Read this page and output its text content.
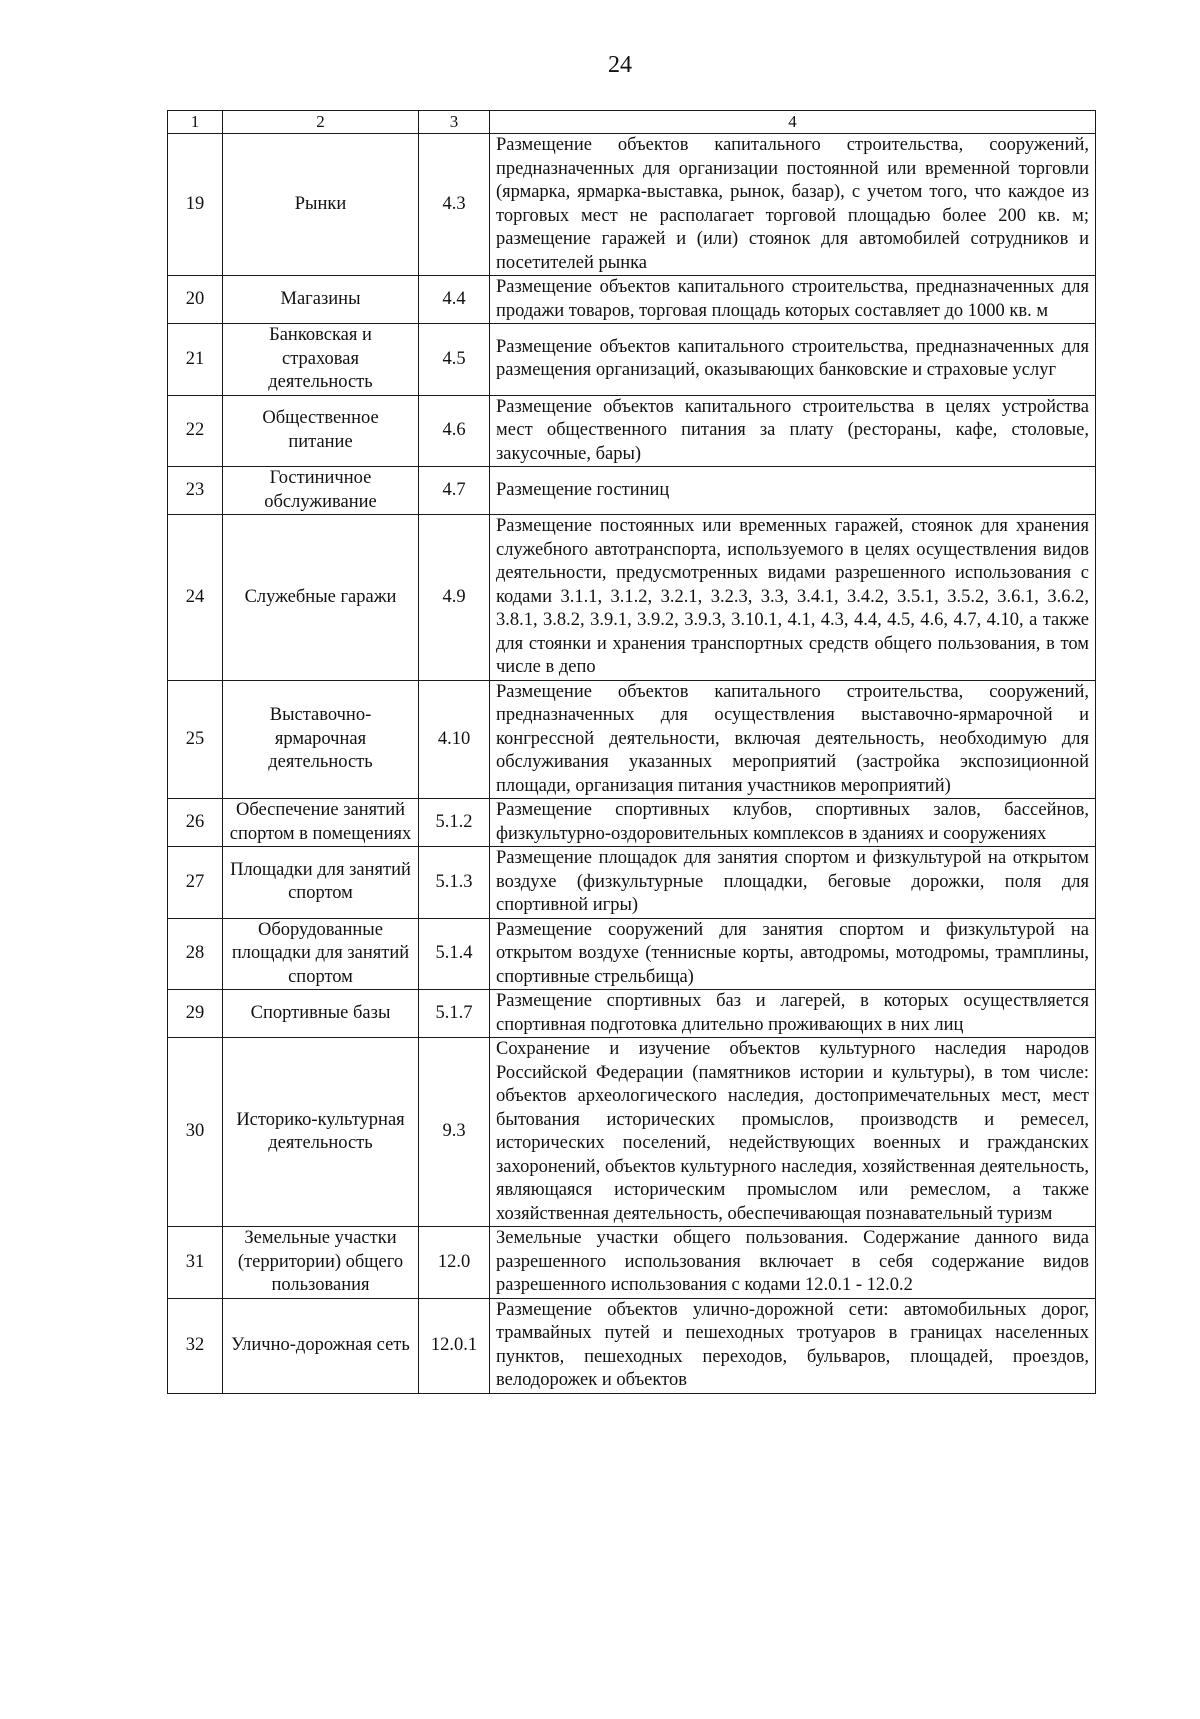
24
1	2	3	4
19	Рынки	4.3	Размещение объектов капитального строительства, сооружений, предназначенных для организации постоянной или временной торговли (ярмарка, ярмарка-выставка, рынок, базар), с учетом того, что каждое из торговых мест не располагает торговой площадью более 200 кв. м; размещение гаражей и (или) стоянок для автомобилей сотрудников и посетителей рынка
20	Магазины	4.4	Размещение объектов капитального строительства, предназначенных для продажи товаров, торговая площадь которых составляет до 1000 кв. м
21	Банковская и страховая деятельность	4.5	Размещение объектов капитального строительства, предназначенных для размещения организаций, оказывающих банковские и страховые услуг
22	Общественное питание	4.6	Размещение объектов капитального строительства в целях устройства мест общественного питания за плату (рестораны, кафе, столовые, закусочные, бары)
23	Гостиничное обслуживание	4.7	Размещение гостиниц
24	Служебные гаражи	4.9	Размещение постоянных или временных гаражей, стоянок для хранения служебного автотранспорта, используемого в целях осуществления видов деятельности, предусмотренных видами разрешенного использования с кодами 3.1.1, 3.1.2, 3.2.1, 3.2.3, 3.3, 3.4.1, 3.4.2, 3.5.1, 3.5.2, 3.6.1, 3.6.2, 3.8.1, 3.8.2, 3.9.1, 3.9.2, 3.9.3, 3.10.1, 4.1, 4.3, 4.4, 4.5, 4.6, 4.7, 4.10, а также для стоянки и хранения транспортных средств общего пользования, в том числе в депо
25	Выставочно-ярмарочная деятельность	4.10	Размещение объектов капитального строительства, сооружений, предназначенных для осуществления выставочно-ярмарочной и конгрессной деятельности, включая деятельность, необходимую для обслуживания указанных мероприятий (застройка экспозиционной площади, организация питания участников мероприятий)
26	Обеспечение занятий спортом в помещениях	5.1.2	Размещение спортивных клубов, спортивных залов, бассейнов, физкультурно-оздоровительных комплексов в зданиях и сооружениях
27	Площадки для занятий спортом	5.1.3	Размещение площадок для занятия спортом и физкультурой на открытом воздухе (физкультурные площадки, беговые дорожки, поля для спортивной игры)
28	Оборудованные площадки для занятий спортом	5.1.4	Размещение сооружений для занятия спортом и физкультурой на открытом воздухе (теннисные корты, автодромы, мотодромы, трамплины, спортивные стрельбища)
29	Спортивные базы	5.1.7	Размещение спортивных баз и лагерей, в которых осуществляется спортивная подготовка длительно проживающих в них лиц
30	Историко-культурная деятельность	9.3	Сохранение и изучение объектов культурного наследия народов Российской Федерации (памятников истории и культуры), в том числе: объектов археологического наследия, достопримечательных мест, мест бытования исторических промыслов, производств и ремесел, исторических поселений, недействующих военных и гражданских захоронений, объектов культурного наследия, хозяйственная деятельность, являющаяся историческим промыслом или ремеслом, а также хозяйственная деятельность, обеспечивающая познавательный туризм
31	Земельные участки (территории) общего пользования	12.0	Земельные участки общего пользования. Содержание данного вида разрешенного использования включает в себя содержание видов разрешенного использования с кодами 12.0.1 - 12.0.2
32	Улично-дорожная сеть	12.0.1	Размещение объектов улично-дорожной сети: автомобильных дорог, трамвайных путей и пешеходных тротуаров в границах населенных пунктов, пешеходных переходов, бульваров, площадей, проездов, велодорожек и объектов
